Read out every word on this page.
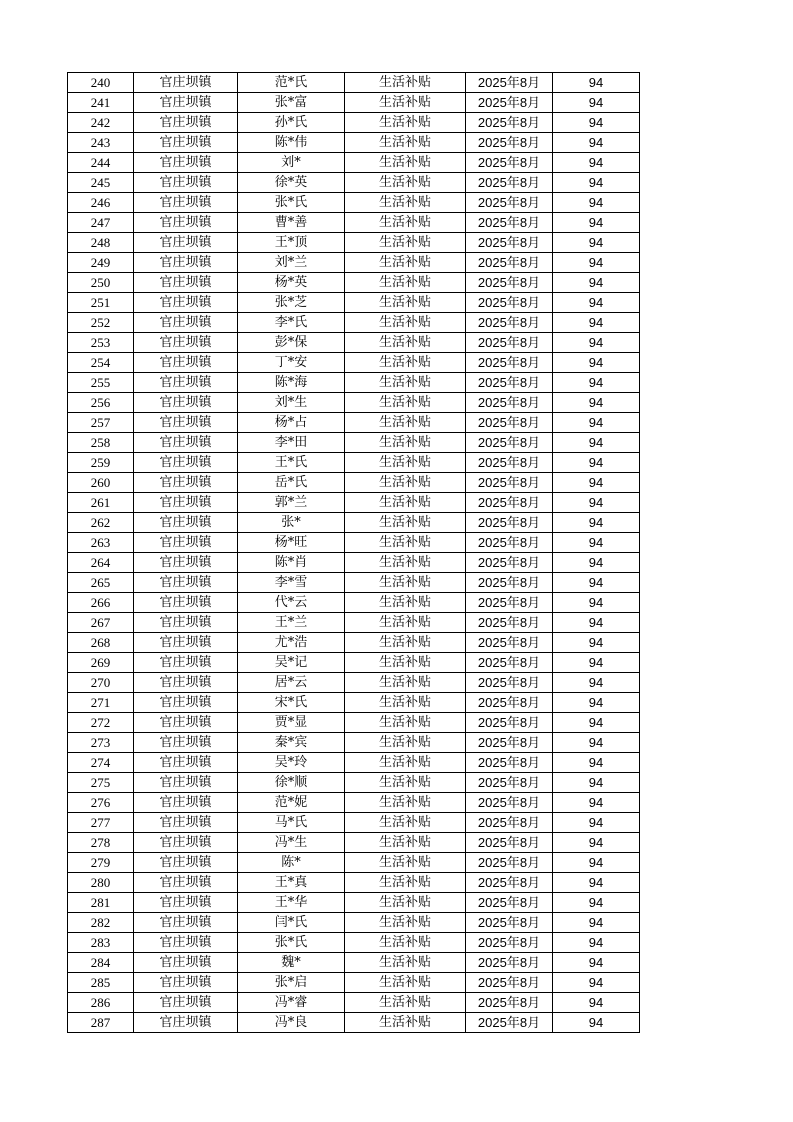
240	官庄坝镇	范*氏	生活补贴	2025年8月	94
241	官庄坝镇	张*富	生活补贴	2025年8月	94
242	官庄坝镇	孙*氏	生活补贴	2025年8月	94
243	官庄坝镇	陈*伟	生活补贴	2025年8月	94
244	官庄坝镇	刘*	生活补贴	2025年8月	94
245	官庄坝镇	徐*英	生活补贴	2025年8月	94
246	官庄坝镇	张*氏	生活补贴	2025年8月	94
247	官庄坝镇	曹*善	生活补贴	2025年8月	94
248	官庄坝镇	王*顶	生活补贴	2025年8月	94
249	官庄坝镇	刘*兰	生活补贴	2025年8月	94
250	官庄坝镇	杨*英	生活补贴	2025年8月	94
251	官庄坝镇	张*芝	生活补贴	2025年8月	94
252	官庄坝镇	李*氏	生活补贴	2025年8月	94
253	官庄坝镇	彭*保	生活补贴	2025年8月	94
254	官庄坝镇	丁*安	生活补贴	2025年8月	94
255	官庄坝镇	陈*海	生活补贴	2025年8月	94
256	官庄坝镇	刘*生	生活补贴	2025年8月	94
257	官庄坝镇	杨*占	生活补贴	2025年8月	94
258	官庄坝镇	李*田	生活补贴	2025年8月	94
259	官庄坝镇	王*氏	生活补贴	2025年8月	94
260	官庄坝镇	岳*氏	生活补贴	2025年8月	94
261	官庄坝镇	郭*兰	生活补贴	2025年8月	94
262	官庄坝镇	张*	生活补贴	2025年8月	94
263	官庄坝镇	杨*旺	生活补贴	2025年8月	94
264	官庄坝镇	陈*肖	生活补贴	2025年8月	94
265	官庄坝镇	李*雪	生活补贴	2025年8月	94
266	官庄坝镇	代*云	生活补贴	2025年8月	94
267	官庄坝镇	王*兰	生活补贴	2025年8月	94
268	官庄坝镇	尤*浩	生活补贴	2025年8月	94
269	官庄坝镇	吴*记	生活补贴	2025年8月	94
270	官庄坝镇	居*云	生活补贴	2025年8月	94
271	官庄坝镇	宋*氏	生活补贴	2025年8月	94
272	官庄坝镇	贾*显	生活补贴	2025年8月	94
273	官庄坝镇	秦*宾	生活补贴	2025年8月	94
274	官庄坝镇	吴*玲	生活补贴	2025年8月	94
275	官庄坝镇	徐*顺	生活补贴	2025年8月	94
276	官庄坝镇	范*妮	生活补贴	2025年8月	94
277	官庄坝镇	马*氏	生活补贴	2025年8月	94
278	官庄坝镇	冯*生	生活补贴	2025年8月	94
279	官庄坝镇	陈*	生活补贴	2025年8月	94
280	官庄坝镇	王*真	生活补贴	2025年8月	94
281	官庄坝镇	王*华	生活补贴	2025年8月	94
282	官庄坝镇	闫*氏	生活补贴	2025年8月	94
283	官庄坝镇	张*氏	生活补贴	2025年8月	94
284	官庄坝镇	魏*	生活补贴	2025年8月	94
285	官庄坝镇	张*启	生活补贴	2025年8月	94
286	官庄坝镇	冯*睿	生活补贴	2025年8月	94
287	官庄坝镇	冯*良	生活补贴	2025年8月	94
